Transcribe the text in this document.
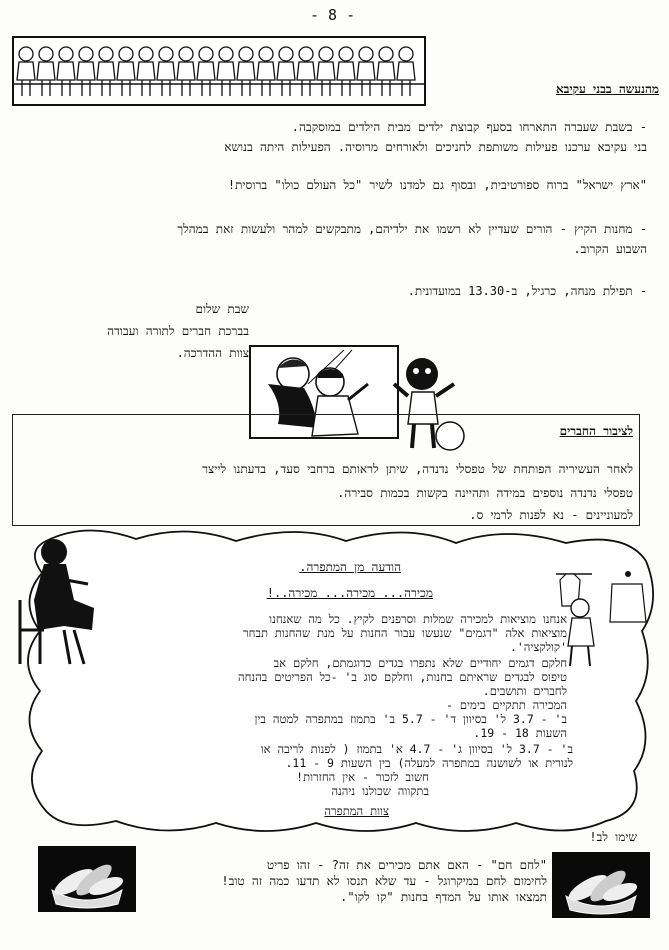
- 8 -
מהנעשה בבני עקיבא
- בשבת שעברה התארחו בסעף קבוצת ילדים מבית הילדים במוסקבה.
בני עקיבא ערכנו פעילות משותפת לחניכים ולאורחים מרוסיה. הפעילות היתה בנושא
"ארץ ישראל" ברוח ספורטיבית, ובסוף גם למדנו לשיר "כל העולם כולו" ברוסית!
- מחנות הקיץ - הורים שעדיין לא רשמו את ילדיהם, מתבקשים למהר ולעשות זאת במהלך
השבוע הקרוב.
- תפילת מנחה, כרגיל, ב-13.30 במועדונית.
שבת שלום
בברכת חברים לתורה ועבודה
צוות ההדרכה.
לציבור החברים
לאחר העשיריה הפותחת של טפסלי נדנדה, שיתן לראותם ברחבי סעד, בדעתנו לייצר
טפסלי נדנדה נוספים במידה ותהיינה בקשות בכמות סבירה.
למעוניינים - נא לפנות לרמי ס.
הודעה מן המתפרה.
מכירה... מכירה... מכירה..!
אנחנו מוציאות למכירה שמלות וסרפנים לקיץ. כל מה שאנחנו
מוציאות אלה "דגמים" שנעשו עבור החנות על מנת שהחנות תבחר
'קולקציה'.
חלקם דגמים יחודיים שלא נתפרו בגדים כדוגמתם, חלקם אב
טיפוס לבגדים שראיתם בחנות, וחלקם סוג ב' -כל הפריטים בהנחה
לחברים ותושבים.
המכירה תתקיים בימים -
ב' - 3.7 ל' בסיוון ד' - 5.7 ב' בתמוז במתפרה למטה בין
השעות 18 - 19.
ב' - 3.7 ל' בסיוון ג' - 4.7 א' בתמוז ( לפנות לריבה או
לנורית או לשושנה במתפרה למעלה) בין השעות 9 - 11.
חשוב לזכור - אין החזרות!
בתקווה שכולנו ניהנה
צוות המתפרה
שימו לב!
"לחם חם" - האם אתם מכירים את זה? - זהו פריט
לחימום לחם במיקרוגל - עד שלא תנסו לא תדעו כמה זה טוב!
תמצאו אותו על המדף בחנות "קו לקו".
